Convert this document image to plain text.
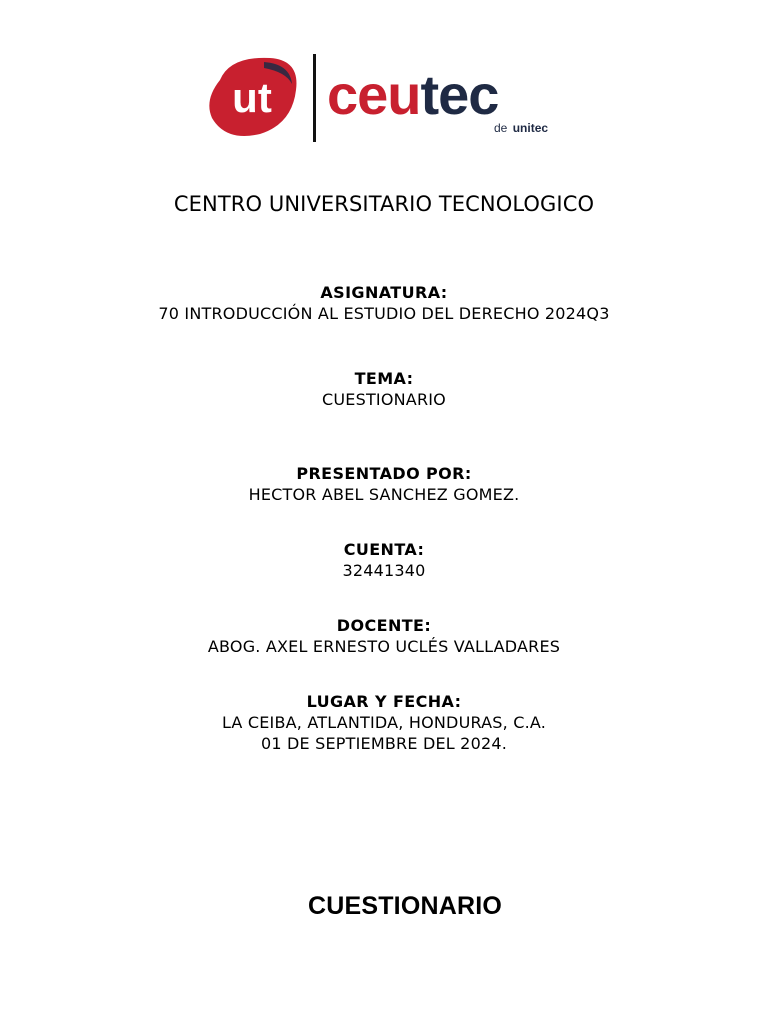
ut ceutec
de unitec
CENTRO UNIVERSITARIO TECNOLOGICO
ASIGNATURA:
70 INTRODUCCIÓN AL ESTUDIO DEL DERECHO 2024Q3
TEMA:
CUESTIONARIO
PRESENTADO POR:
HECTOR ABEL SANCHEZ GOMEZ.
CUENTA:
32441340
DOCENTE:
ABOG. AXEL ERNESTO UCLÉS VALLADARES
LUGAR Y FECHA:
LA CEIBA, ATLANTIDA, HONDURAS, C.A.
01 DE SEPTIEMBRE DEL 2024.
CUESTIONARIO
